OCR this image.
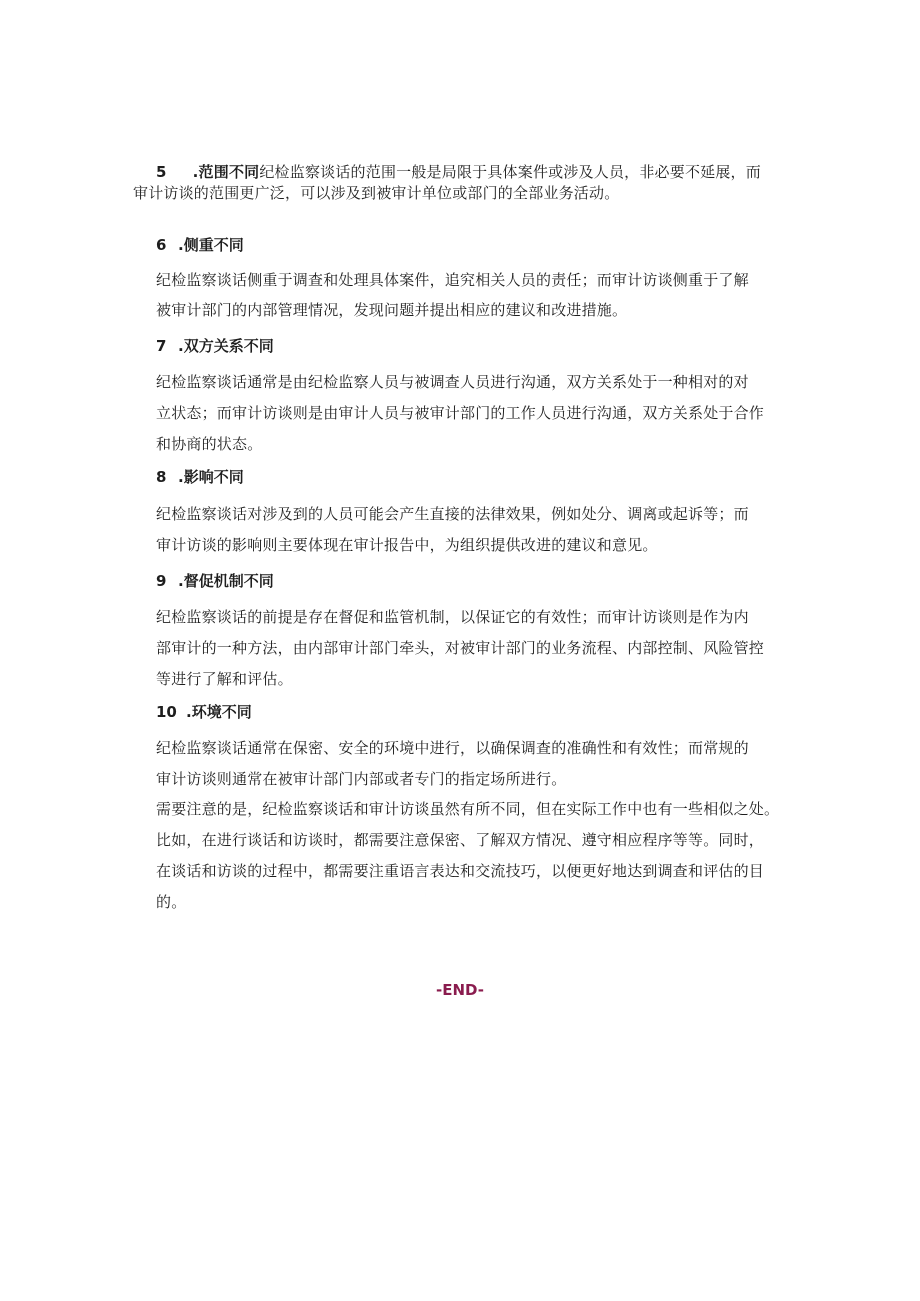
5 .范围不同纪检监察谈话的范围一般是局限于具体案件或涉及人员，非必要不延展，而
审计访谈的范围更广泛，可以涉及到被审计单位或部门的全部业务活动。
6 .侧重不同
纪检监察谈话侧重于调查和处理具体案件，追究相关人员的责任；而审计访谈侧重于了解
被审计部门的内部管理情况，发现问题并提出相应的建议和改进措施。
7 .双方关系不同
纪检监察谈话通常是由纪检监察人员与被调查人员进行沟通，双方关系处于一种相对的对
立状态；而审计访谈则是由审计人员与被审计部门的工作人员进行沟通，双方关系处于合作
和协商的状态。
8 .影响不同
纪检监察谈话对涉及到的人员可能会产生直接的法律效果，例如处分、调离或起诉等；而
审计访谈的影响则主要体现在审计报告中，为组织提供改进的建议和意见。
9 .督促机制不同
纪检监察谈话的前提是存在督促和监管机制，以保证它的有效性；而审计访谈则是作为内
部审计的一种方法，由内部审计部门牵头，对被审计部门的业务流程、内部控制、风险管控
等进行了解和评估。
10 .环境不同
纪检监察谈话通常在保密、安全的环境中进行，以确保调查的准确性和有效性；而常规的
审计访谈则通常在被审计部门内部或者专门的指定场所进行。
需要注意的是，纪检监察谈话和审计访谈虽然有所不同，但在实际工作中也有一些相似之处。
比如，在进行谈话和访谈时，都需要注意保密、了解双方情况、遵守相应程序等等。同时，
在谈话和访谈的过程中，都需要注重语言表达和交流技巧，以便更好地达到调查和评估的目
的。
-END-
